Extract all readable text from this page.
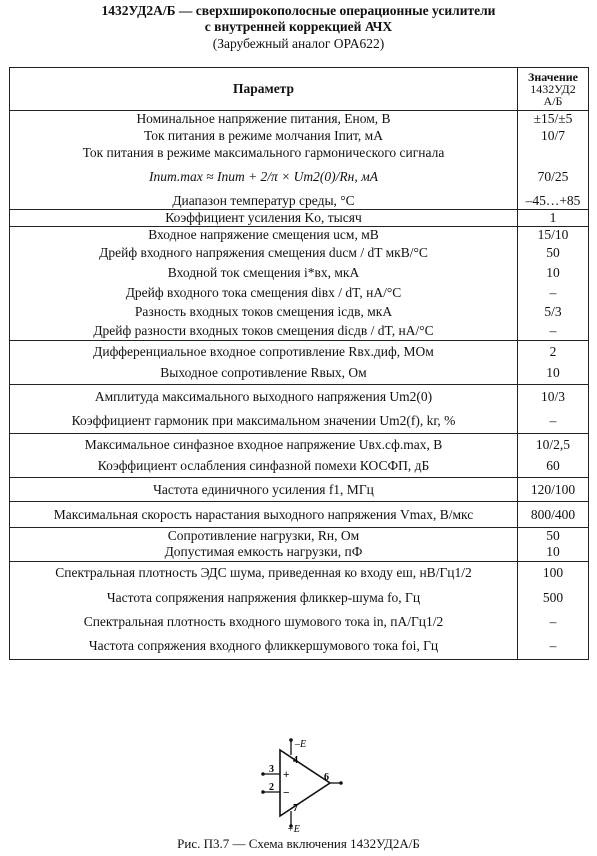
1432УД2А/Б — сверхширокополосные операционные усилители
с внутренней коррекцией АЧХ
(Зарубежный аналог OPA622)
Параметр	Значение
1432УД2
А/Б
Номинальное напряжение питания, Eном, В	±15/±5
Ток питания в режиме молчания Iпит, мА	10/7
Ток питания в режиме максимального гармонического сигнала	
Iпит.max ≈ Iпит + 2/π × Um2(0)/Rн, мА	70/25
Диапазон температур среды, °C	–45…+85
Коэффициент усиления Kо, тысяч	1
Входное напряжение смещения uсм, мВ	15/10
Дрейф входного напряжения смещения duсм / dT мкВ/°C	50
Входной ток смещения i*вх, мкА	10
Дрейф входного тока смещения diвх / dT, нА/°C	–
Разность входных токов смещения iсдв, мкА	5/3
Дрейф разности входных токов смещения diсдв / dT, нА/°C	–
Дифференциальное входное сопротивление Rвх.диф, МОм	2
Выходное сопротивление Rвых, Ом	10
Амплитуда максимального выходного напряжения Um2(0)	10/3
Коэффициент гармоник при максимальном значении Um2(f), kг, %	–
Максимальное синфазное входное напряжение Uвх.сф.max, В	10/2,5
Коэффициент ослабления синфазной помехи КОСФП, дБ	60
Частота единичного усиления f1, МГц	120/100
Максимальная скорость нарастания выходного напряжения Vmax, В/мкс	800/400
Сопротивление нагрузки, Rн, Ом	50
Допустимая емкость нагрузки, пФ	10
Спектральная плотность ЭДС шума, приведенная ко входу eш, нВ/Гц1/2	100
Частота сопряжения напряжения фликкер-шума fо, Гц	500
Спектральная плотность входного шумового тока in, пА/Гц1/2	–
Частота сопряжения входного фликкершумового тока fоi, Гц	–
–E
+E
4
3
2
6
7
+
−
Рис. П3.7 — Схема включения 1432УД2А/Б
